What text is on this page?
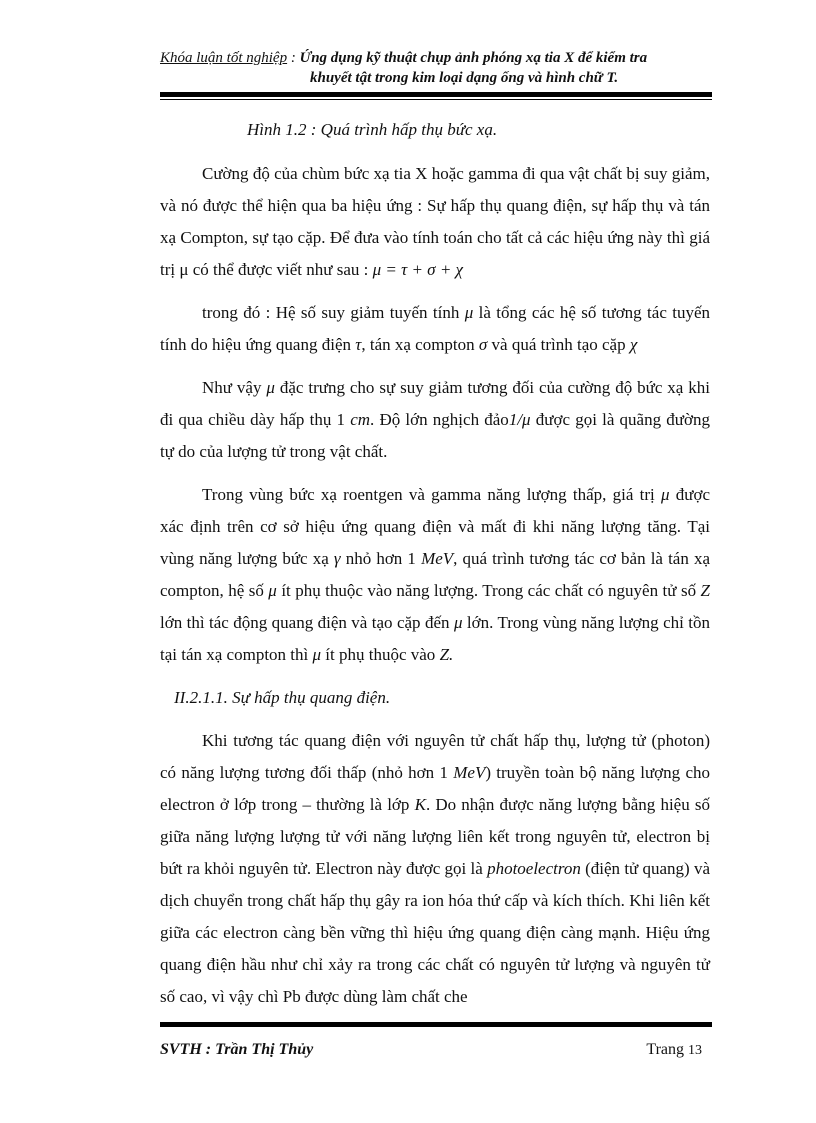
Khóa luận tốt nghiệp : Ứng dụng kỹ thuật chụp ảnh phóng xạ tia X để kiểm tra
khuyết tật trong kim loại dạng ống và hình chữ T.

Hình 1.2 : Quá trình hấp thụ bức xạ.

Cường độ của chùm bức xạ tia X hoặc gamma đi qua vật chất bị suy giảm, và nó được thể hiện qua ba hiệu ứng : Sự hấp thụ quang điện, sự hấp thụ và tán xạ Compton, sự tạo cặp. Để đưa vào tính toán cho tất cả các hiệu ứng này thì giá trị μ có thể được viết như sau : μ = τ + σ + χ

trong đó : Hệ số suy giảm tuyến tính μ là tổng các hệ số tương tác tuyến tính do hiệu ứng quang điện τ, tán xạ compton σ và quá trình tạo cặp χ

Như vậy μ đặc trưng cho sự suy giảm tương đối của cường độ bức xạ khi đi qua chiều dày hấp thụ 1 cm. Độ lớn nghịch đảo1/μ được gọi là quãng đường tự do của lượng tử trong vật chất.

Trong vùng bức xạ roentgen và gamma năng lượng thấp, giá trị μ được xác định trên cơ sở hiệu ứng quang điện và mất đi khi năng lượng tăng. Tại vùng năng lượng bức xạ γ nhỏ hơn 1 MeV, quá trình tương tác cơ bản là tán xạ compton, hệ số μ ít phụ thuộc vào năng lượng. Trong các chất có nguyên tử số Z lớn thì tác động quang điện và tạo cặp đến μ lớn. Trong vùng năng lượng chỉ tồn tại tán xạ compton thì μ ít phụ thuộc vào Z.

II.2.1.1. Sự hấp thụ quang điện.

Khi tương tác quang điện với nguyên tử chất hấp thụ, lượng tử (photon) có năng lượng tương đối thấp (nhỏ hơn 1 MeV) truyền toàn bộ năng lượng cho electron ở lớp trong – thường là lớp K. Do nhận được năng lượng bằng hiệu số giữa năng lượng lượng tử với năng lượng liên kết trong nguyên tử, electron bị bứt ra khỏi nguyên tử. Electron này được gọi là photoelectron (điện tử quang) và dịch chuyển trong chất hấp thụ gây ra ion hóa thứ cấp và kích thích. Khi liên kết giữa các electron càng bền vững thì hiệu ứng quang điện càng mạnh. Hiệu ứng quang điện hầu như chỉ xảy ra trong các chất có nguyên tử lượng và nguyên tử số cao, vì vậy chì Pb được dùng làm chất che

SVTH : Trần Thị Thủy	Trang 13
